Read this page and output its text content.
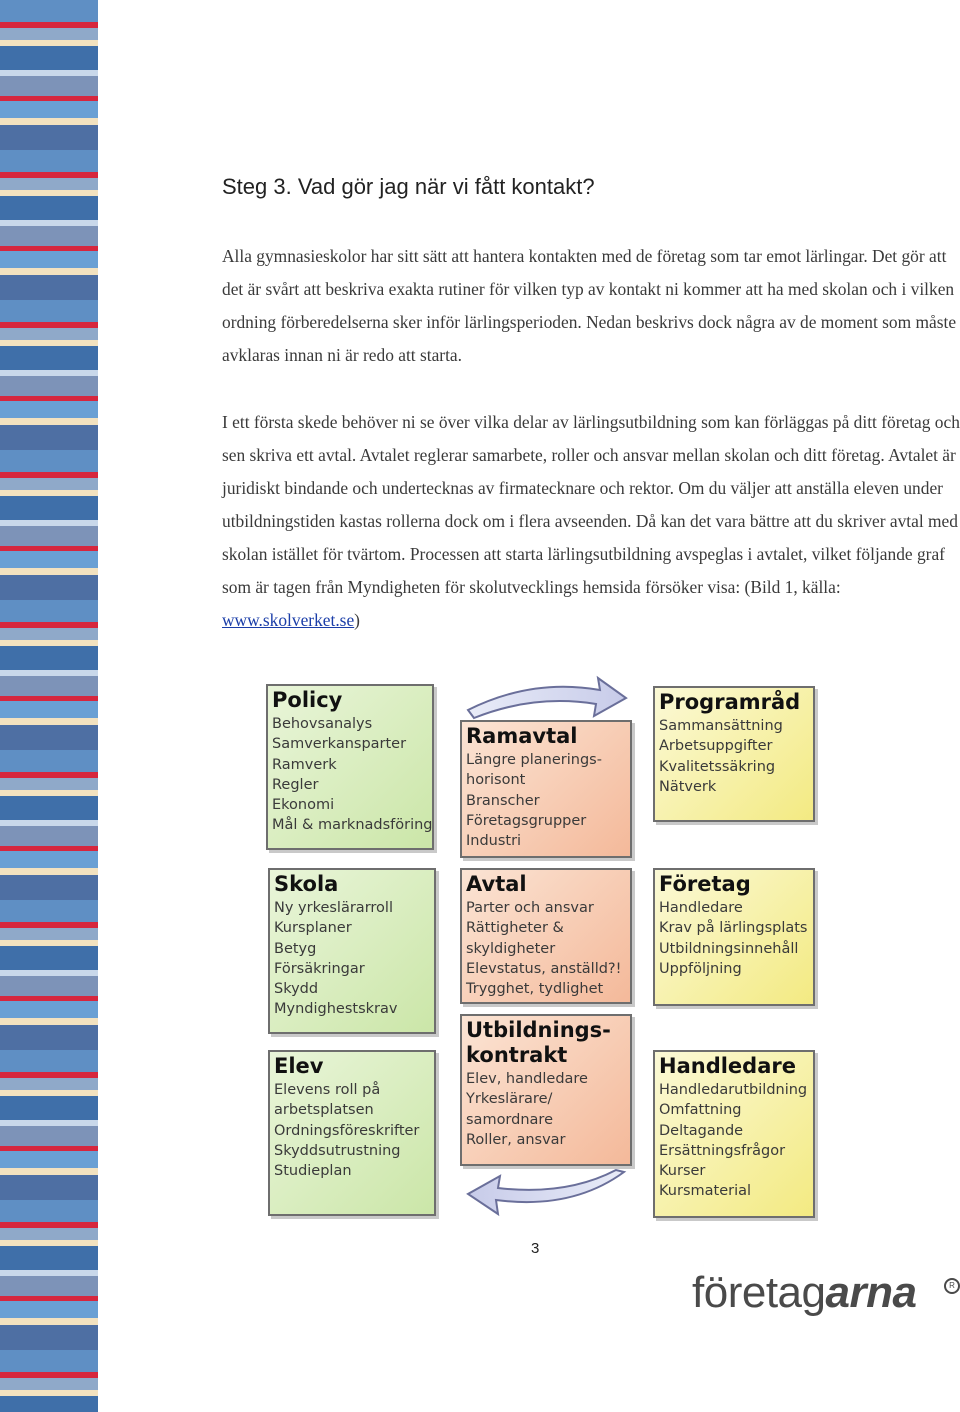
Steg 3. Vad gör jag när vi fått kontakt?

Alla gymnasieskolor har sitt sätt att hantera kontakten med de företag som tar emot lärlingar. Det gör att det är svårt att beskriva exakta rutiner för vilken typ av kontakt ni kommer att ha med skolan och i vilken ordning förberedelserna sker inför lärlingsperioden. Nedan beskrivs dock några av de moment som måste avklaras innan ni är redo att starta.

I ett första skede behöver ni se över vilka delar av lärlingsutbildning som kan förläggas på ditt företag och sen skriva ett avtal. Avtalet reglerar samarbete, roller och ansvar mellan skolan och ditt företag. Avtalet är juridiskt bindande och undertecknas av firmatecknare och rektor. Om du väljer att anställa eleven under utbildningstiden kastas rollerna dock om i flera avseenden. Då kan det vara bättre att du skriver avtal med skolan istället för tvärtom. Processen att starta lärlingsutbildning avspeglas i avtalet, vilket följande graf som är tagen från Myndigheten för skolutvecklings hemsida försöker visa: (Bild 1, källa: www.skolverket.se)

Policy
Behovsanalys
Samverkansparter
Ramverk
Regler
Ekonomi
Mål & marknadsföring
Ramavtal
Längre planerings-
horisont
Branscher
Företagsgrupper
Industri
Programråd
Sammansättning
Arbetsuppgifter
Kvalitetssäkring
Nätverk
Skola
Ny yrkeslärarroll
Kursplaner
Betyg
Försäkringar
Skydd
Myndighestskrav
Avtal
Parter och ansvar
Rättigheter &
skyldigheter
Elevstatus, anställd?!
Trygghet, tydlighet
Företag
Handledare
Krav på lärlingsplats
Utbildningsinnehåll
Uppföljning
Elev
Elevens roll på
arbetsplatsen
Ordningsföreskrifter
Skyddsutrustning
Studieplan
Utbildnings-
kontrakt
Elev, handledare
Yrkeslärare/
samordnare
Roller, ansvar
Handledare
Handledarutbildning
Omfattning
Deltagande
Ersättningsfrågor
Kurser
Kursmaterial
3
företagarna	R
